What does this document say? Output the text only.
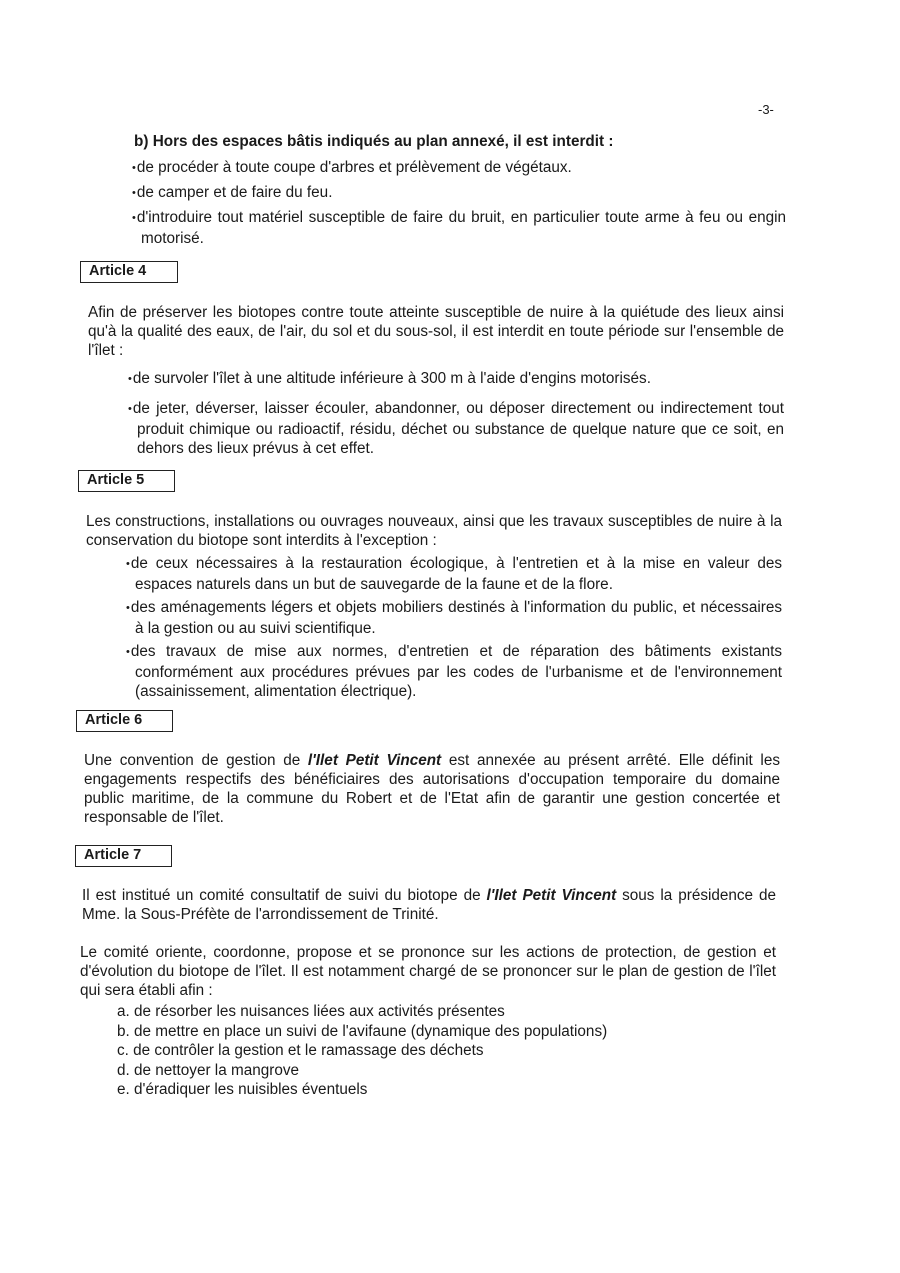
-3-

b) Hors des espaces bâtis indiqués au plan annexé, il est interdit :

•de procéder à toute coupe d'arbres et prélèvement de végétaux.

•de camper et de faire du feu.

•d'introduire tout matériel susceptible de faire du bruit, en particulier toute arme à feu ou engin motorisé.

Article 4

Afin de préserver les biotopes contre toute atteinte susceptible de nuire à la quiétude des lieux ainsi qu'à la qualité des eaux, de l'air, du sol et du sous-sol, il est interdit en toute période sur l'ensemble de l'îlet :

•de survoler l'îlet à une altitude inférieure à 300 m à l'aide d'engins motorisés.

•de jeter, déverser, laisser écouler, abandonner, ou déposer directement ou indirectement tout produit chimique ou radioactif, résidu, déchet ou substance de quelque nature que ce soit, en dehors des lieux prévus à cet effet.

Article 5

Les constructions, installations ou ouvrages nouveaux, ainsi que les travaux susceptibles de nuire à la conservation du biotope sont interdits à l'exception :

•de ceux nécessaires à la restauration écologique, à l'entretien et à la mise en valeur des espaces naturels dans un but de sauvegarde de la faune et de la flore.

•des aménagements légers et objets mobiliers destinés à l'information du public, et nécessaires à la gestion ou au suivi scientifique.

•des travaux de mise aux normes, d'entretien et de réparation des bâtiments existants conformément aux procédures prévues par les codes de l'urbanisme et de l'environnement (assainissement, alimentation électrique).

Article 6

Une convention de gestion de l'Ilet Petit Vincent est annexée au présent arrêté. Elle définit les engagements respectifs des bénéficiaires des autorisations d'occupation temporaire du domaine public maritime, de la commune du Robert et de l'Etat afin de garantir une gestion concertée et responsable de l'îlet.

Article 7

Il est institué un comité consultatif de suivi du biotope de l'Ilet Petit Vincent sous la présidence de Mme. la Sous-Préfète de l'arrondissement de Trinité.

Le comité oriente, coordonne, propose et se prononce sur les actions de protection, de gestion et d'évolution du biotope de l'îlet. Il est notamment chargé de se prononcer sur le plan de gestion de l'îlet qui sera établi afin :

a. de résorber les nuisances liées aux activités présentes

b. de mettre en place un suivi de l'avifaune (dynamique des populations)

c. de contrôler la gestion et le ramassage des déchets

d. de nettoyer la mangrove

e. d'éradiquer les nuisibles éventuels
